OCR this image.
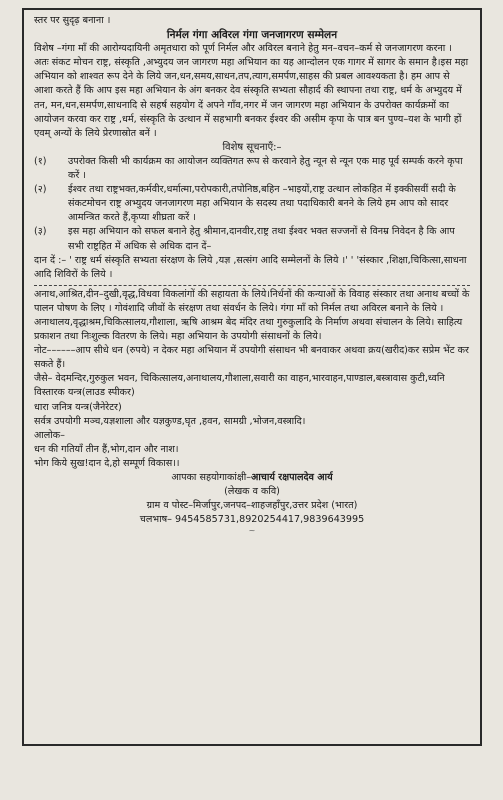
स्तर पर सुदृढ़ बनाना ।

निर्मल गंगा अविरल गंगा जनजागरण सम्मेलन

विशेष –गंगा माँ की आरोग्यदायिनी अमृतधारा को पूर्ण निर्मल और अविरल बनाने हेतु मन–वचन–कर्म से जनजागरण करना ।

अतः संकट मोचन राष्ट्र, संस्कृति ,अभ्युदय जन जागरण महा अभियान का यह आन्दोलन एक गागर में सागर के समान है।इस महा अभियान को शाश्वत रूप देने के लिये जन,धन,समय,साधन,तप,त्याग,समर्पण,साहस की प्रबल आवश्यकता है। हम आप से आशा करते हैं कि आप इस महा अभियान के अंग बनकर देव संस्कृति सभ्यता सौहार्द की स्थापना तथा राष्ट्र, धर्म के अभ्युदय में तन, मन,धन,समर्पण,साधनादि से सहर्ष सहयोग दें अपने गाँव,नगर में जन जागरण महा अभियान के उपरोक्त कार्यक्रमों का आयोजन करवा कर राष्ट्र ,धर्म, संस्कृति के उत्थान में सहभागी बनकर ईश्वर की असीम कृपा के पात्र बन पुण्य–यश के भागी हों एवम् अन्यों के लिये प्रेरणास्रोत बनें ।

विशेष सूचनाएँ:–

(१)	उपरोक्त किसी भी कार्यक्रम का आयोजन व्यक्तिगत रूप से करवाने हेतु न्यून से न्यून एक माह पूर्व सम्पर्क करने कृपा करें ।
(२)	ईश्वर तथा राष्ट्रभक्त,कर्मवीर,धर्मात्मा,परोपकारी,तपोनिष्ठ,बहिन –भाइयों,राष्ट्र उत्थान लोकहित में इक्कीसवीं सदी के संकटमोचन राष्ट्र अभ्युदय जनजागरण महा अभियान के सदस्य तथा पदाधिकारी बनने के लिये हम आप को सादर आमन्त्रित करते हैं,कृप्या शीघ्रता करें ।
(३)	इस महा अभियान को सफल बनाने हेतु श्रीमान,दानवीर,राष्ट्र तथा ईश्वर भक्त सज्जनों से विनम्र निवेदन है कि आप सभी राष्ट्रहित में अधिक से अधिक दान दें–

दान दें :– ' राष्ट्र धर्म संस्कृति सभ्यता संरक्षण के लिये ,यज्ञ ,सत्संग आदि सम्मेलनों के लिये ।' ' 'संस्कार ,शिक्षा,चिकित्सा,साधना आदि शिविरों के लिये ।

अनाथ,आश्रित,दीन–दुखी,वृद्ध,विधवा विकलांगों की सहायता के लिये।निर्धनों की कन्याओं के विवाह संस्कार तथा अनाथ बच्चों के पालन पोषण के लिए । गोवंशादि जीवों के संरक्षण तथा संवर्धन के लिये। गंगा माँ को निर्मल तथा अविरल बनाने के लिये । अनाथालय,वृद्धाश्रम,चिकित्सालय,गौशाला, ऋषि आश्रम बेद मंदिर तथा गुरुकुलादि के निर्माण अथवा संचालन के लिये। साहित्य प्रकाशन तथा निःशुल्क वितरण के लिये। महा अभियान के उपयोगी संसाधनों के लिये।

नोट––––––आप सीधे धन (रुपये) न देकर महा अभियान में उपयोगी संसाधन भी बनवाकर अथवा क्रय(खरीद)कर सप्रेम भेंट कर सकते हैं।

जैसे– वेदमन्दिर,गुरुकुल भवन, चिकित्सालय,अनाथालय,गौशाला,सवारी का वाहन,भारवाहन,पाण्डाल,बस्त्रावास कुटी,ध्वनि विस्तारक यन्त्र(लाउड स्पीकर)

धारा जनित्र यन्त्र(जैनेरेटर)

सर्वत्र उपयोगी मञ्च,यज्ञशाला और यज्ञकुण्ड,घृत ,हवन, सामग्री ,भोजन,वस्त्रादि।

आलोक–

धन की गतियाँ तीन हैं,भोग,दान और नाश।

भोग किये सुख!दान दे,हो सम्पूर्ण विकास।।

आपका सहयोगाकांक्षी–आचार्य रक्षपालदेव आर्य

(लेखक व कवि)

ग्राम व पोस्ट–मिर्जापुर,जनपद–शाहजहाँपुर,उत्तर प्रदेश (भारत)

चलभाष– 9454585731,8920254417,9839643995

~
